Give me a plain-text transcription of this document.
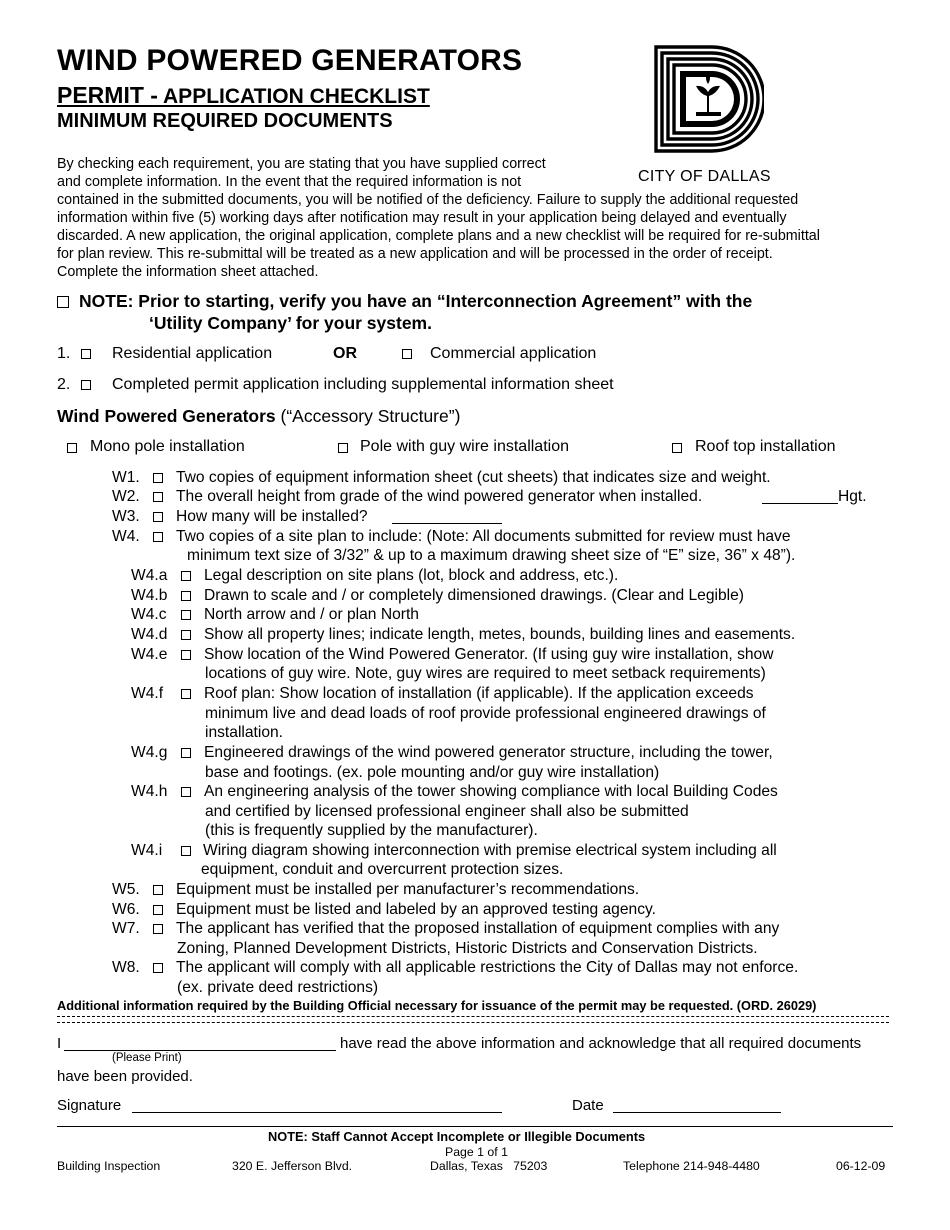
WIND POWERED GENERATORS
PERMIT - APPLICATION CHECKLIST
MINIMUM REQUIRED DOCUMENTS
CITY OF DALLAS
By checking each requirement, you are stating that you have supplied correct
and complete information. In the event that the required information is not
contained in the submitted documents, you will be notified of the deficiency. Failure to supply the additional requested
information within five (5) working days after notification may result in your application being delayed and eventually
discarded. A new application, the original application, complete plans and a new checklist will be required for re-submittal
for plan review. This re-submittal will be treated as a new application and will be processed in the order of receipt.
Complete the information sheet attached.
NOTE: Prior to starting, verify you have an “Interconnection Agreement” with the
‘Utility Company’ for your system.
1.	Residential application	OR	Commercial application
2.	Completed permit application including supplemental information sheet
Wind Powered Generators (“Accessory Structure”)
Mono pole installation	Pole with guy wire installation	Roof top installation
W1. Two copies of equipment information sheet (cut sheets) that indicates size and weight.
W2. The overall height from grade of the wind powered generator when installed.	Hgt.
W3. How many will be installed?
W4. Two copies of a site plan to include: (Note: All documents submitted for review must have
minimum text size of 3/32” & up to a maximum drawing sheet size of “E” size, 36” x 48”).
W4.a Legal description on site plans (lot, block and address, etc.).
W4.b Drawn to scale and / or completely dimensioned drawings. (Clear and Legible)
W4.c North arrow and / or plan North
W4.d Show all property lines; indicate length, metes, bounds, building lines and easements.
W4.e Show location of the Wind Powered Generator. (If using guy wire installation, show
locations of guy wire. Note, guy wires are required to meet setback requirements)
W4.f	Roof plan: Show location of installation (if applicable). If the application exceeds
minimum live and dead loads of roof provide professional engineered drawings of
installation.
W4.g Engineered drawings of the wind powered generator structure, including the tower,
base and footings. (ex. pole mounting and/or guy wire installation)
W4.h An engineering analysis of the tower showing compliance with local Building Codes
and certified by licensed professional engineer shall also be submitted
(this is frequently supplied by the manufacturer).
W4.i	Wiring diagram showing interconnection with premise electrical system including all
equipment, conduit and overcurrent protection sizes.
W5. Equipment must be installed per manufacturer’s recommendations.
W6. Equipment must be listed and labeled by an approved testing agency.
W7. The applicant has verified that the proposed installation of equipment complies with any
Zoning, Planned Development Districts, Historic Districts and Conservation Districts.
W8. The applicant will comply with all applicable restrictions the City of Dallas may not enforce.
(ex. private deed restrictions)
Additional information required by the Building Official necessary for issuance of the permit may be requested. (ORD. 26029)
I	have read the above information and acknowledge that all required documents
(Please Print)
have been provided.
Signature	Date
NOTE: Staff Cannot Accept Incomplete or Illegible Documents
Page 1 of 1
Building Inspection	320 E. Jefferson Blvd.	Dallas, Texas   75203	Telephone 214-948-4480	06-12-09
